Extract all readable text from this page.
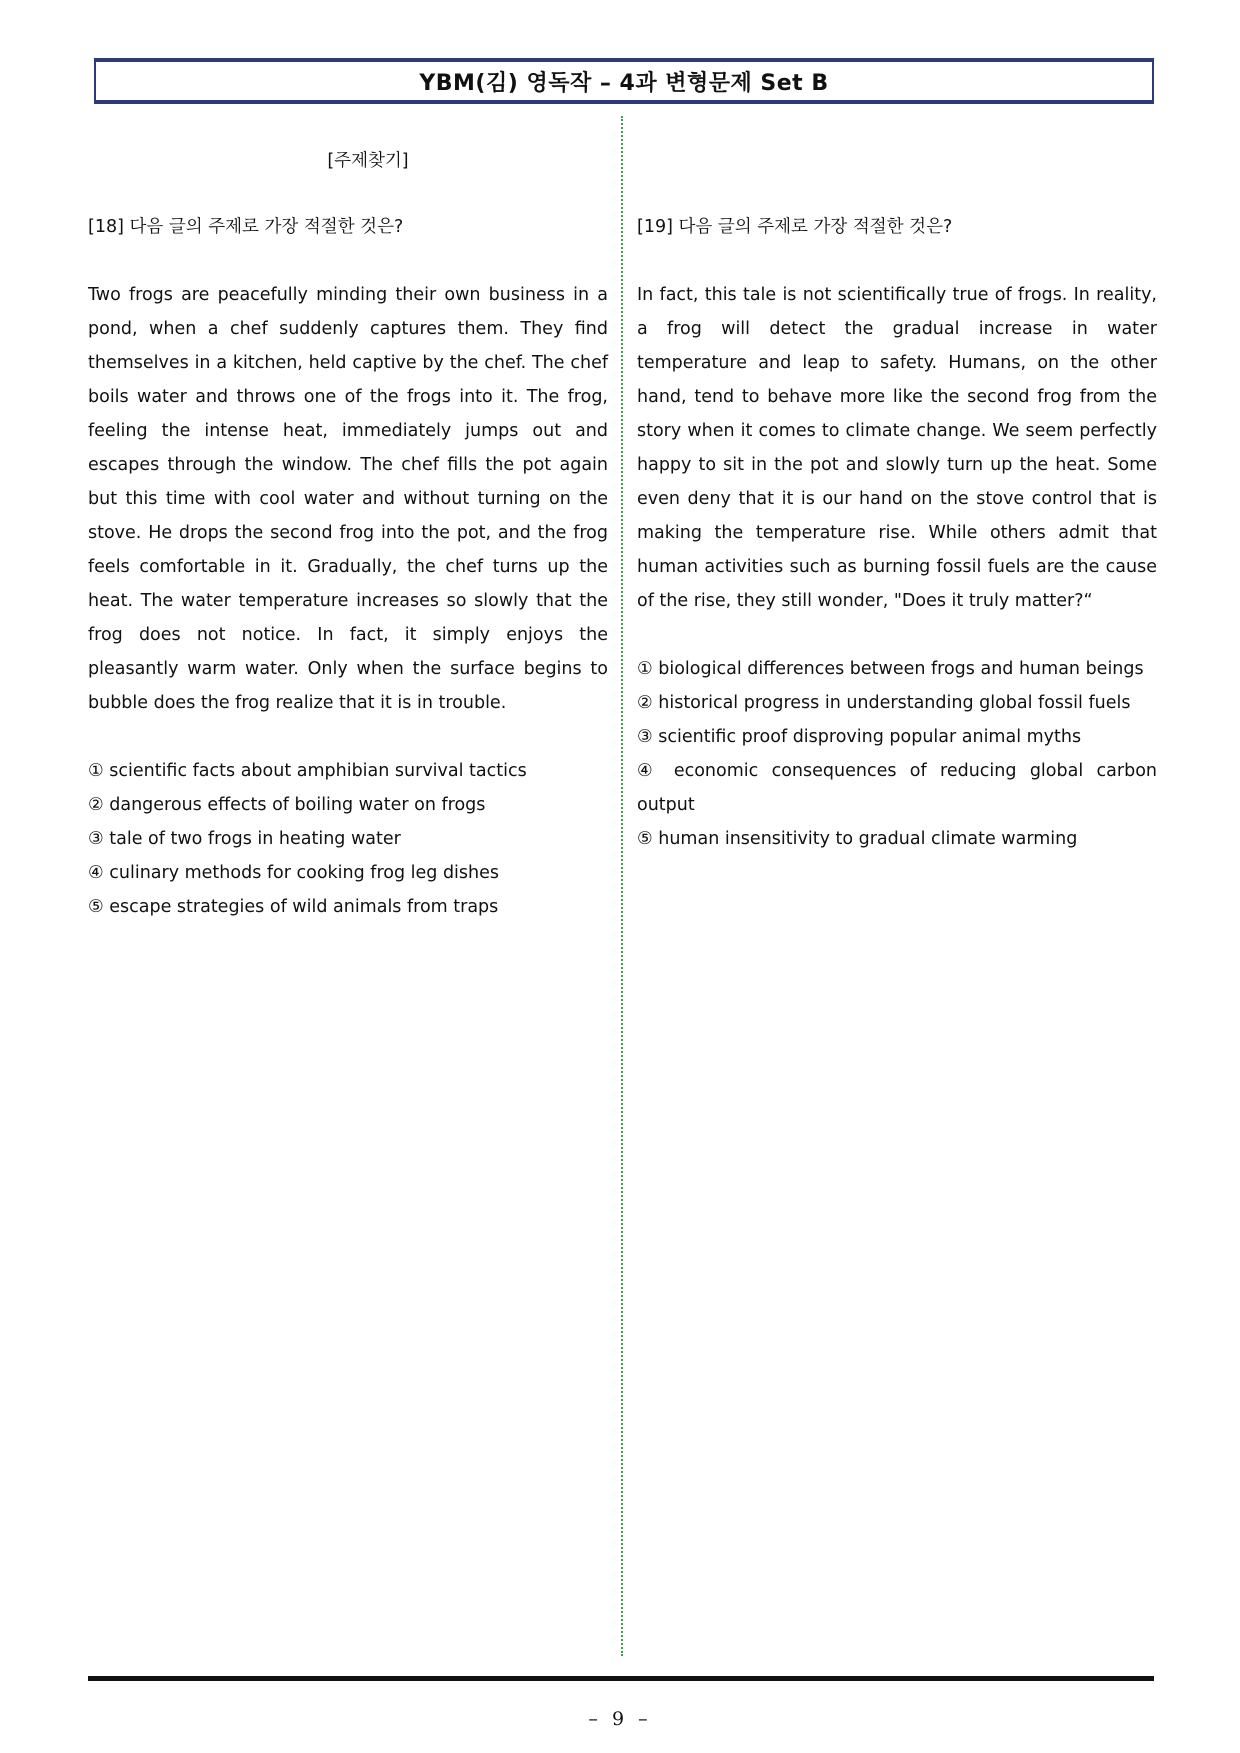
YBM(김) 영독작 – 4과 변형문제 Set B
[주제찾기]

[18] 다음 글의 주제로 가장 적절한 것은?

Two frogs are peacefully minding their own business in a pond, when a chef suddenly captures them. They find themselves in a kitchen, held captive by the chef. The chef boils water and throws one of the frogs into it. The frog, feeling the intense heat, immediately jumps out and escapes through the window. The chef fills the pot again but this time with cool water and without turning on the stove. He drops the second frog into the pot, and the frog feels comfortable in it. Gradually, the chef turns up the heat. The water temperature increases so slowly that the frog does not notice. In fact, it simply enjoys the pleasantly warm water. Only when the surface begins to bubble does the frog realize that it is in trouble.

① scientific facts about amphibian survival tactics
② dangerous effects of boiling water on frogs
③ tale of two frogs in heating water
④ culinary methods for cooking frog leg dishes
⑤ escape strategies of wild animals from traps

[19] 다음 글의 주제로 가장 적절한 것은?

In fact, this tale is not scientifically true of frogs. In reality, a frog will detect the gradual increase in water temperature and leap to safety. Humans, on the other hand, tend to behave more like the second frog from the story when it comes to climate change. We seem perfectly happy to sit in the pot and slowly turn up the heat. Some even deny that it is our hand on the stove control that is making the temperature rise. While others admit that human activities such as burning fossil fuels are the cause of the rise, they still wonder, "Does it truly matter?“

① biological differences between frogs and human beings
② historical progress in understanding global fossil fuels
③ scientific proof disproving popular animal myths
④ economic consequences of reducing global carbon output
⑤ human insensitivity to gradual climate warming
– 9 –
